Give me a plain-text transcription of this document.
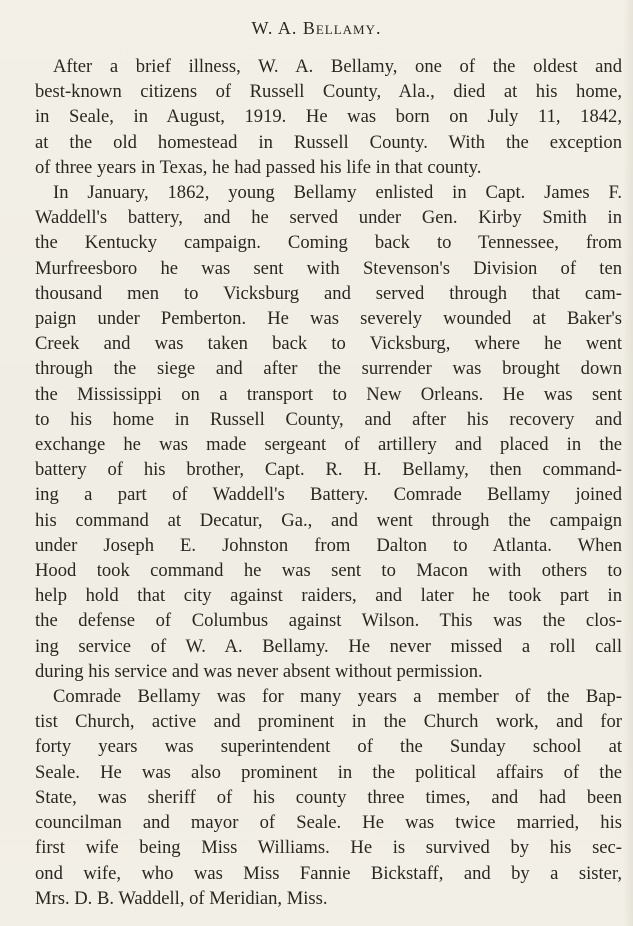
W. A. Bellamy.

After a brief illness, W. A. Bellamy, one of the oldest and
best-known citizens of Russell County, Ala., died at his home,
in Seale, in August, 1919. He was born on July 11, 1842,
at the old homestead in Russell County. With the exception
of three years in Texas, he had passed his life in that county.

In January, 1862, young Bellamy enlisted in Capt. James F.
Waddell's battery, and he served under Gen. Kirby Smith in
the Kentucky campaign. Coming back to Tennessee, from
Murfreesboro he was sent with Stevenson's Division of ten
thousand men to Vicksburg and served through that cam-
paign under Pemberton. He was severely wounded at Baker's
Creek and was taken back to Vicksburg, where he went
through the siege and after the surrender was brought down
the Mississippi on a transport to New Orleans. He was sent
to his home in Russell County, and after his recovery and
exchange he was made sergeant of artillery and placed in the
battery of his brother, Capt. R. H. Bellamy, then command-
ing a part of Waddell's Battery. Comrade Bellamy joined
his command at Decatur, Ga., and went through the campaign
under Joseph E. Johnston from Dalton to Atlanta. When
Hood took command he was sent to Macon with others to
help hold that city against raiders, and later he took part in
the defense of Columbus against Wilson. This was the clos-
ing service of W. A. Bellamy. He never missed a roll call
during his service and was never absent without permission.

Comrade Bellamy was for many years a member of the Bap-
tist Church, active and prominent in the Church work, and for
forty years was superintendent of the Sunday school at
Seale. He was also prominent in the political affairs of the
State, was sheriff of his county three times, and had been
councilman and mayor of Seale. He was twice married, his
first wife being Miss Williams. He is survived by his sec-
ond wife, who was Miss Fannie Bickstaff, and by a sister,
Mrs. D. B. Waddell, of Meridian, Miss.
